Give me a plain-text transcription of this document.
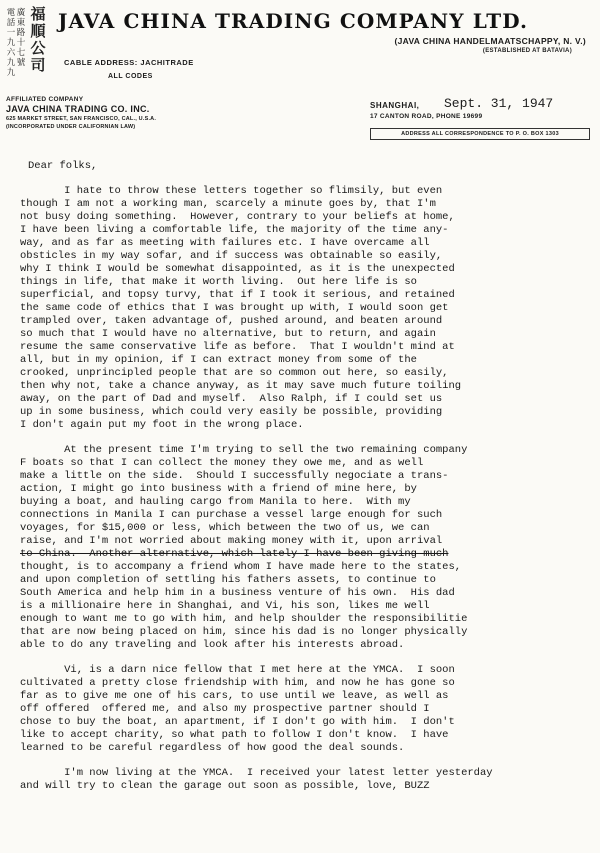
電話一九六九九
廣東路十七號
福順公司
JAVA CHINA TRADING COMPANY LTD.
(JAVA CHINA HANDELMAATSCHAPPY, N. V.)
(ESTABLISHED AT BATAVIA)
CABLE ADDRESS: JACHITRADE
ALL CODES
AFFILIATED COMPANY
JAVA CHINA TRADING CO. INC.
625 MARKET STREET, SAN FRANCISCO, CAL., U.S.A.
(INCORPORATED UNDER CALIFORNIAN LAW)
SHANGHAI, Sept. 31, 1947
17 CANTON ROAD, PHONE 19699
ADDRESS ALL CORRESPONDENCE TO P. O. BOX 1303
Dear folks,
I hate to throw these letters together so flimsily, but even
though I am not a working man, scarcely a minute goes by, that I'm
not busy doing something.  However, contrary to your beliefs at home,
I have been living a comfortable life, the majority of the time any-
way, and as far as meeting with failures etc. I have overcame all
obsticles in my way sofar, and if success was obtainable so easily,
why I think I would be somewhat disappointed, as it is the unexpected
things in life, that make it worth living.  Out here life is so
superficial, and topsy turvy, that if I took it serious, and retained
the same code of ethics that I was brought up with, I would soon get
trampled over, taken advantage of, pushed around, and beaten around
so much that I would have no alternative, but to return, and again
resume the same conservative life as before.  That I wouldn't mind at
all, but in my opinion, if I can extract money from some of the
crooked, unprincipled people that are so common out here, so easily,
then why not, take a chance anyway, as it may save much future toiling
away, on the part of Dad and myself.  Also Ralph, if I could set us
up in some business, which could very easily be possible, providing
I don't again put my foot in the wrong place.
At the present time I'm trying to sell the two remaining company
F boats so that I can collect the money they owe me, and as well
make a little on the side.  Should I successfully negociate a trans-
action, I might go into business with a friend of mine here, by
buying a boat, and hauling cargo from Manila to here.  With my
connections in Manila I can purchase a vessel large enough for such
voyages, for $15,000 or less, which between the two of us, we can
raise, and I'm not worried about making money with it, upon arrival
to China.  Another alternative, which lately I have been giving much
thought, is to accompany a friend whom I have made here to the states,
and upon completion of settling his fathers assets, to continue to
South America and help him in a business venture of his own.  His dad
is a millionaire here in Shanghai, and Vi, his son, likes me well
enough to want me to go with him, and help shoulder the responsibilitie
that are now being placed on him, since his dad is no longer physically
able to do any traveling and look after his interests abroad.
Vi, is a darn nice fellow that I met here at the YMCA.  I soon
cultivated a pretty close friendship with him, and now he has gone so
far as to give me one of his cars, to use until we leave, as well as
off offered  offered me, and also my prospective partner should I
chose to buy the boat, an apartment, if I don't go with him.  I don't
like to accept charity, so what path to follow I don't know.  I have
learned to be careful regardless of how good the deal sounds.
I'm now living at the YMCA.  I received your latest letter yesterday
and will try to clean the garage out soon as possible, love, BUZZ
